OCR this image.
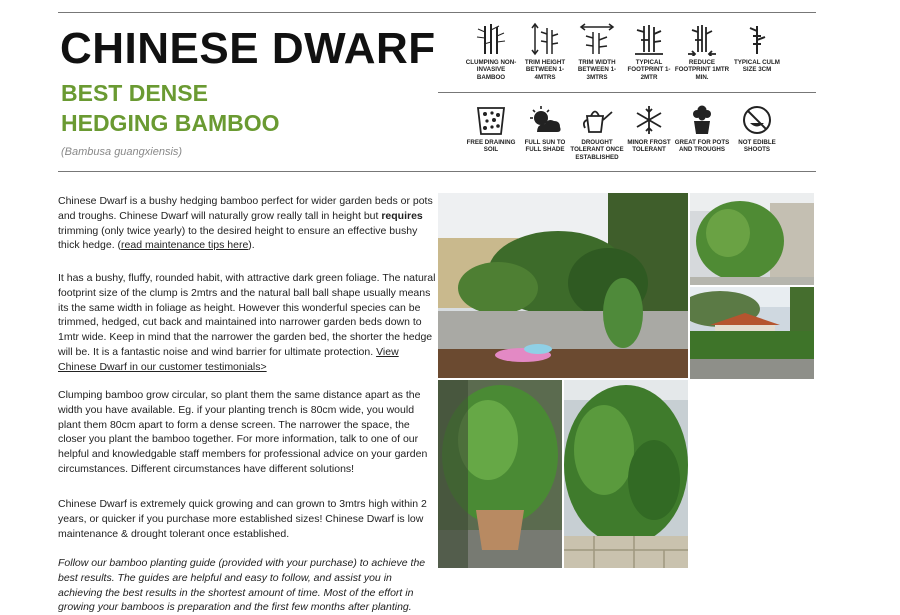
CHINESE DWARF
BEST DENSE
HEDGING BAMBOO
(Bambusa guangxiensis)
CLUMPING NON-INVASIVE BAMBOO
TRIM HEIGHT BETWEEN 1-4MTRS
TRIM WIDTH BETWEEN 1-3MTRS
TYPICAL FOOTPRINT 1-2MTR
REDUCE FOOTPRINT 1MTR MIN.
TYPICAL CULM SIZE 3CM
FREE DRAINING SOIL
FULL SUN TO FULL SHADE
DROUGHT TOLERANT ONCE ESTABLISHED
MINOR FROST TOLERANT
GREAT FOR POTS AND TROUGHS
NOT EDIBLE SHOOTS

Chinese Dwarf is a bushy hedging bamboo perfect for wider garden beds or pots and troughs. Chinese Dwarf will naturally grow really tall in height but requires trimming (only twice yearly) to the desired height to ensure an effective bushy thick hedge. (read maintenance tips here).

It has a bushy, fluffy, rounded habit, with attractive dark green foliage. The natural footprint size of the clump is 2mtrs and the natural ball ball shape usually means its the same width in foliage as height. However this wonderful species can be trimmed, hedged, cut back and maintained into narrower garden beds down to 1mtr wide. Keep in mind that the narrower the garden bed, the shorter the hedge will be. It is a fantastic noise and wind barrier for ultimate protection. View Chinese Dwarf in our customer testimonials>

Clumping bamboo grow circular, so plant them the same distance apart as the width you have available. Eg. if your planting trench is 80cm wide, you would plant them 80cm apart to form a dense screen. The narrower the space, the closer you plant the bamboo together. For more information, talk to one of our helpful and knowledgable staff members for professional advice on your garden circumstances. Different circumstances have different solutions!

Chinese Dwarf is extremely quick growing and can grown to 3mtrs high within 2 years, or quicker if you purchase more established sizes! Chinese Dwarf is low maintenance & drought tolerant once established.

Follow our bamboo planting guide (provided with your purchase) to achieve the best results. The guides are helpful and easy to follow, and assist you in achieving the best results in the shortest amount of time. Most of the effort in growing your bamboos is preparation and the first few months after planting.
